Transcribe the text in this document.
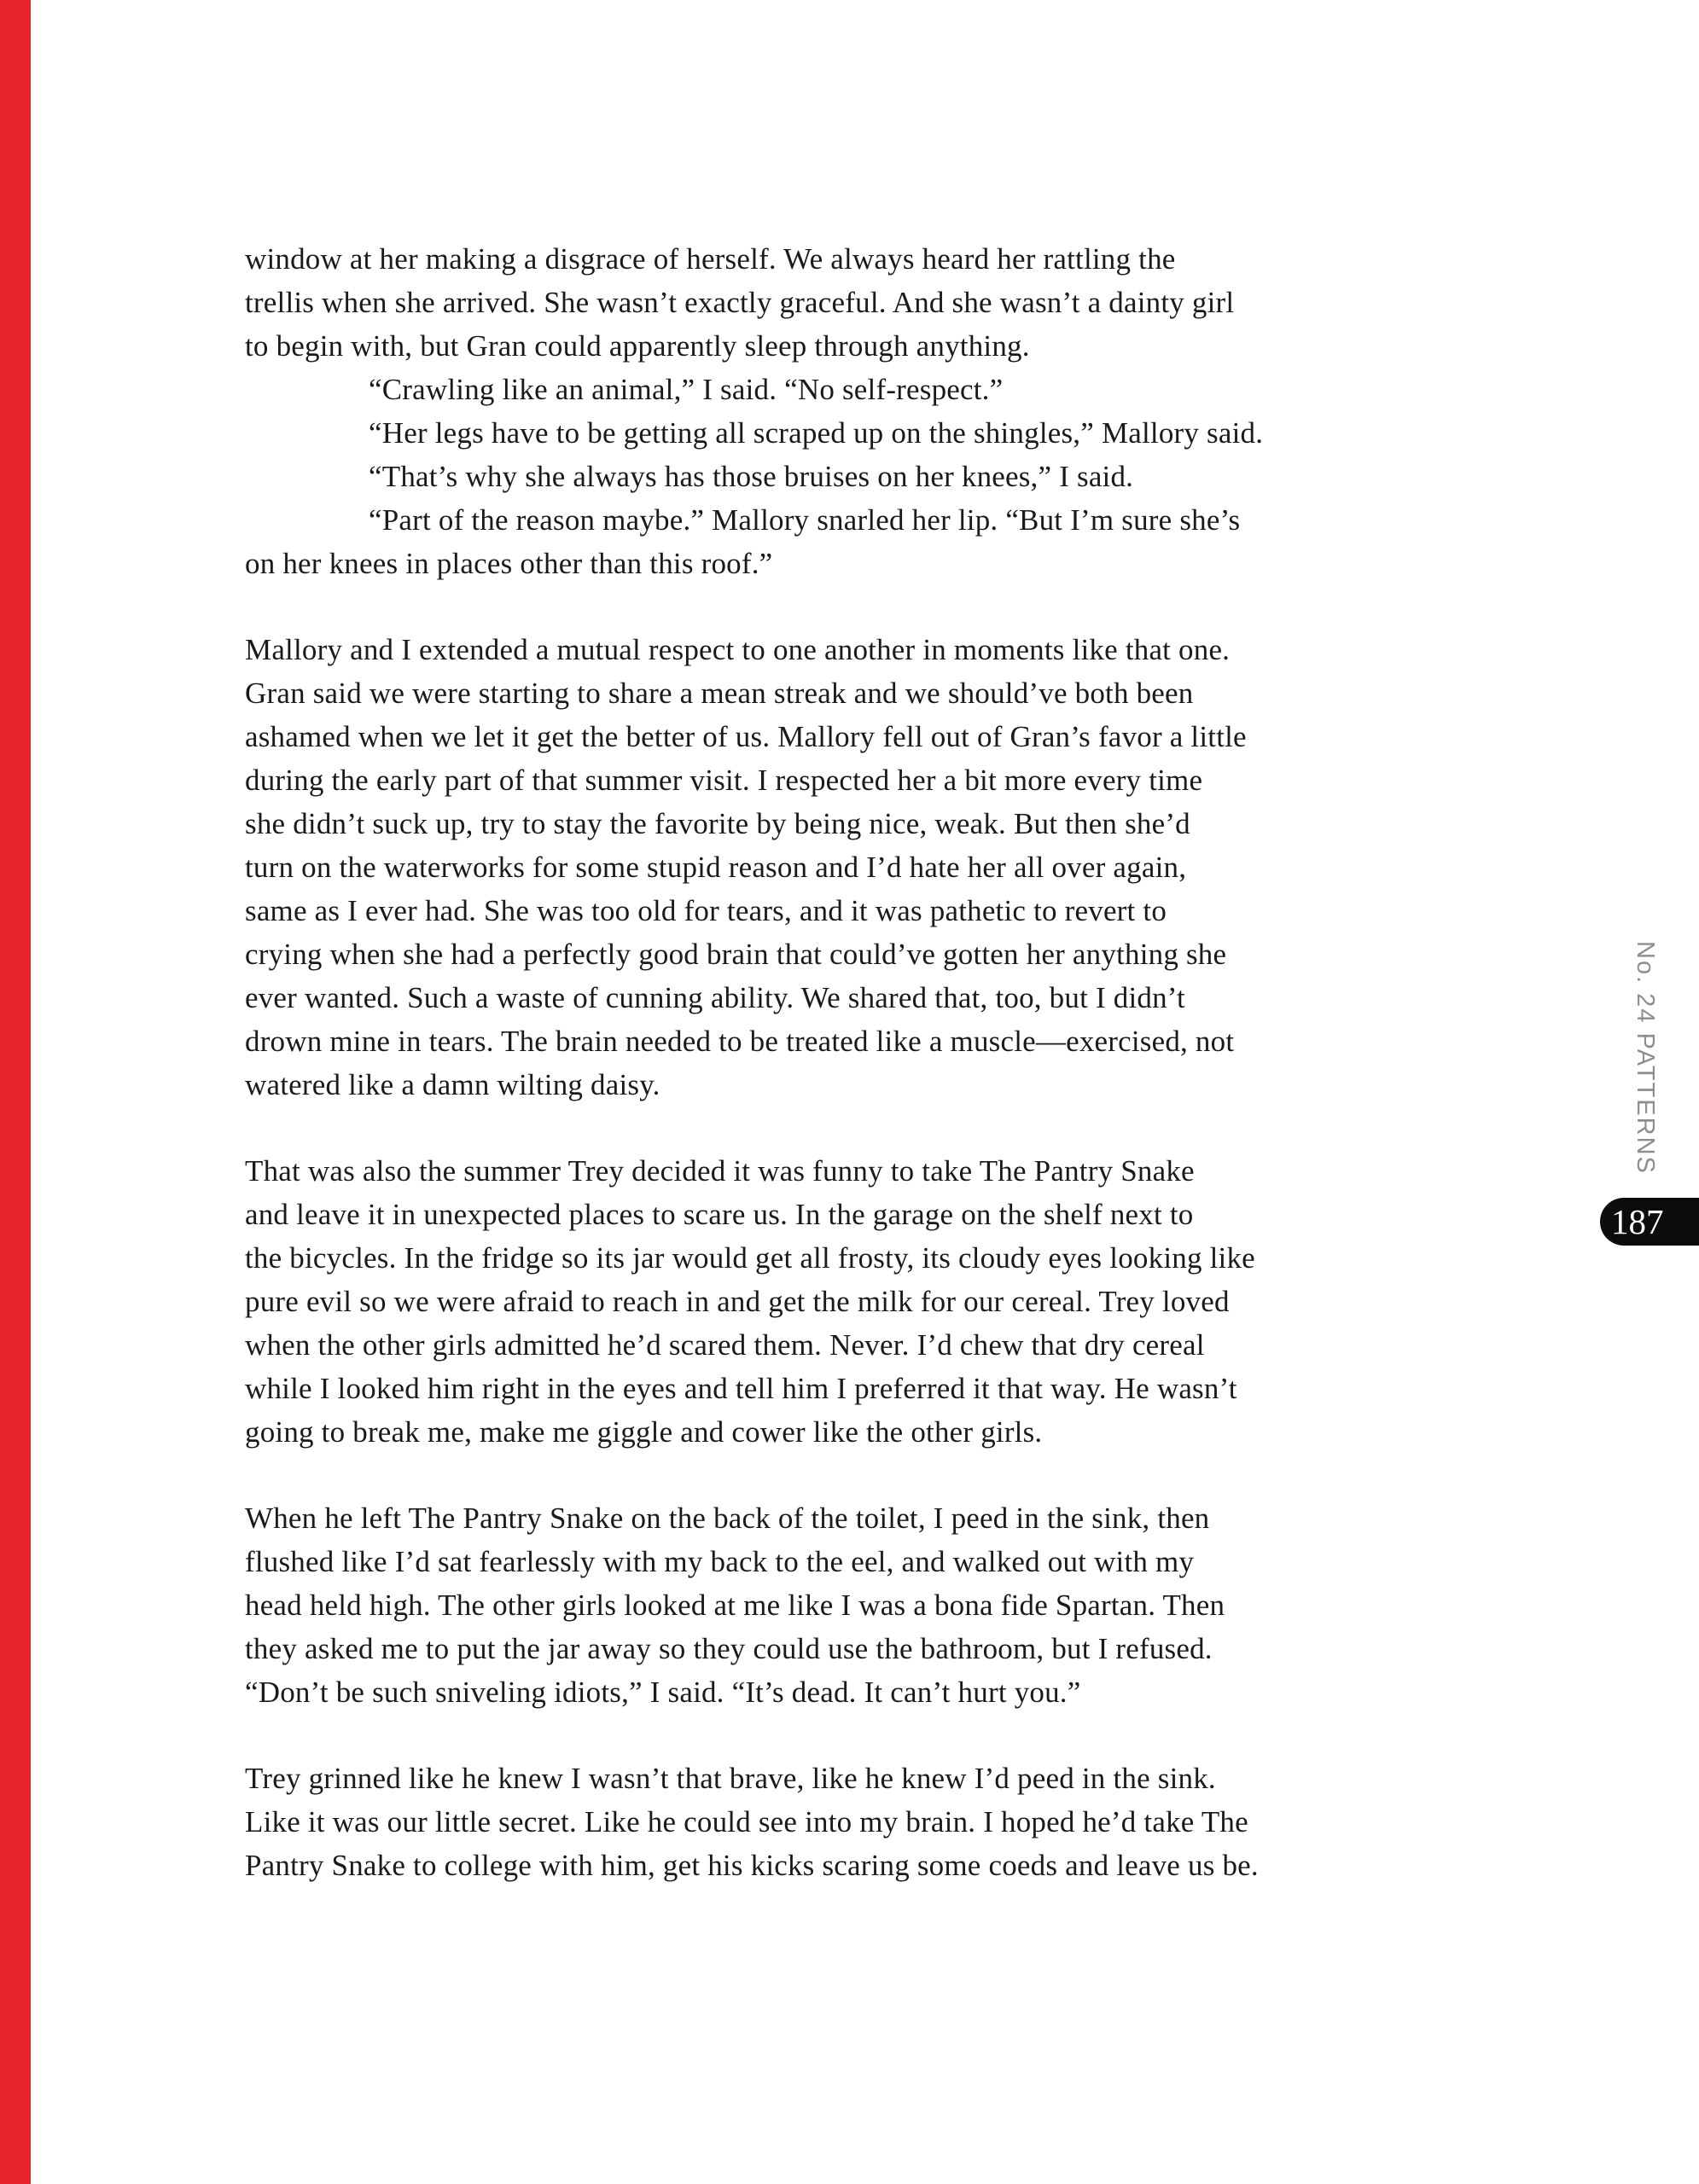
window at her making a disgrace of herself. We always heard her rattling the
trellis when she arrived. She wasn’t exactly graceful. And she wasn’t a dainty girl
to begin with, but Gran could apparently sleep through anything.
“Crawling like an animal,” I said. “No self-respect.”
“Her legs have to be getting all scraped up on the shingles,” Mallory said.
“That’s why she always has those bruises on her knees,” I said.
“Part of the reason maybe.” Mallory snarled her lip. “But I’m sure she’s
on her knees in places other than this roof.”
Mallory and I extended a mutual respect to one another in moments like that one.
Gran said we were starting to share a mean streak and we should’ve both been
ashamed when we let it get the better of us. Mallory fell out of Gran’s favor a little
during the early part of that summer visit. I respected her a bit more every time
she didn’t suck up, try to stay the favorite by being nice, weak. But then she’d
turn on the waterworks for some stupid reason and I’d hate her all over again,
same as I ever had. She was too old for tears, and it was pathetic to revert to
crying when she had a perfectly good brain that could’ve gotten her anything she
ever wanted. Such a waste of cunning ability. We shared that, too, but I didn’t
drown mine in tears. The brain needed to be treated like a muscle—exercised, not
watered like a damn wilting daisy.
That was also the summer Trey decided it was funny to take The Pantry Snake
and leave it in unexpected places to scare us. In the garage on the shelf next to
the bicycles. In the fridge so its jar would get all frosty, its cloudy eyes looking like
pure evil so we were afraid to reach in and get the milk for our cereal. Trey loved
when the other girls admitted he’d scared them. Never. I’d chew that dry cereal
while I looked him right in the eyes and tell him I preferred it that way. He wasn’t
going to break me, make me giggle and cower like the other girls.
When he left The Pantry Snake on the back of the toilet, I peed in the sink, then
flushed like I’d sat fearlessly with my back to the eel, and walked out with my
head held high. The other girls looked at me like I was a bona fide Spartan. Then
they asked me to put the jar away so they could use the bathroom, but I refused.
“Don’t be such sniveling idiots,” I said. “It’s dead. It can’t hurt you.”
Trey grinned like he knew I wasn’t that brave, like he knew I’d peed in the sink.
Like it was our little secret. Like he could see into my brain. I hoped he’d take The
Pantry Snake to college with him, get his kicks scaring some coeds and leave us be.
No. 24 PATTERNS
187
